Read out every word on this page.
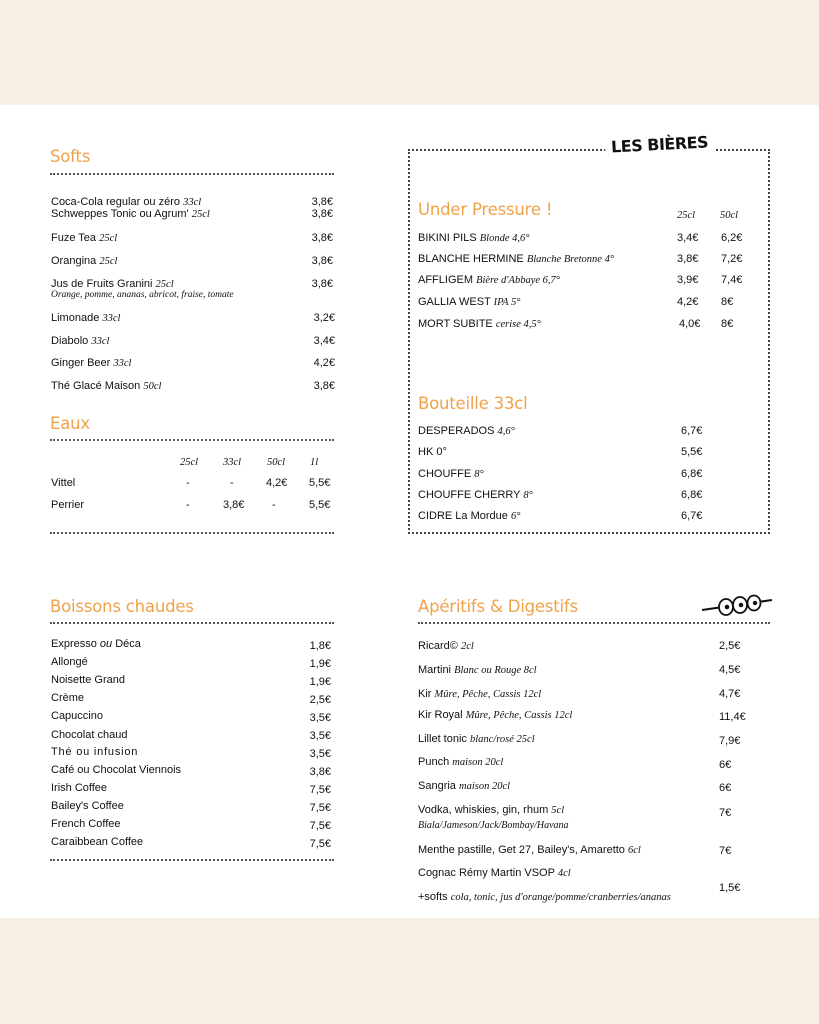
Softs
Coca-Cola regular ou zéro 33cl	3,8€
Schweppes Tonic ou Agrum' 25cl	3,8€
Fuze Tea 25cl	3,8€
Orangina 25cl	3,8€
Jus de Fruits Granini 25cl
Orange, pomme, ananas, abricot, fraise, tomate
3,8€
Limonade 33cl	3,2€
Diabolo 33cl	3,4€
Ginger Beer 33cl	4,2€
Thé Glacé Maison 50cl	3,8€
Eaux
25cl 33cl 50cl 1l
Vittel	-	-	4,2€ 5,5€
Perrier	-	3,8€	-	5,5€
LES BIÈRES
Under Pressure !	25cl 50cl
BIKINI PILS Blonde 4,6°	3,4€ 6,2€
BLANCHE HERMINE Blanche Bretonne 4°	3,8€ 7,2€
AFFLIGEM Bière d'Abbaye 6,7°	3,9€ 7,4€
GALLIA WEST IPA 5°	4,2€ 8€
MORT SUBITE cerise 4,5°	4,0€ 8€
Bouteille 33cl
DESPERADOS 4,6°	6,7€
HK 0°	5,5€
CHOUFFE 8°	6,8€
CHOUFFE CHERRY 8°	6,8€
CIDRE La Mordue 6°	6,7€
Boissons chaudes
Expresso ou Déca	1,8€
Allongé	1,9€
Noisette Grand	1,9€
Crème	2,5€
Capuccino	3,5€
Chocolat chaud	3,5€
Thé ou infusion	3,5€
Café ou Chocolat Viennois	3,8€
Irish Coffee	7,5€
Bailey's Coffee	7,5€
French Coffee	7,5€
Caraibbean Coffee	7,5€
Apéritifs & Digestifs
Ricard© 2cl	2,5€
Martini Blanc ou Rouge 8cl	4,5€
Kir Mûre, Pêche, Cassis 12cl	4,7€
Kir Royal Mûre, Pêche, Cassis 12cl	11,4€
Lillet tonic blanc/rosé 25cl	7,9€
Punch maison 20cl	6€
Sangria maison 20cl	6€
Vodka, whiskies, gin, rhum 5cl
Biala/Jameson/Jack/Bombay/Havana
7€
Menthe pastille, Get 27, Bailey's, Amaretto 6cl	7€
Cognac Rémy Martin VSOP 4cl
+softs cola, tonic, jus d'orange/pomme/cranberries/ananas
1,5€
